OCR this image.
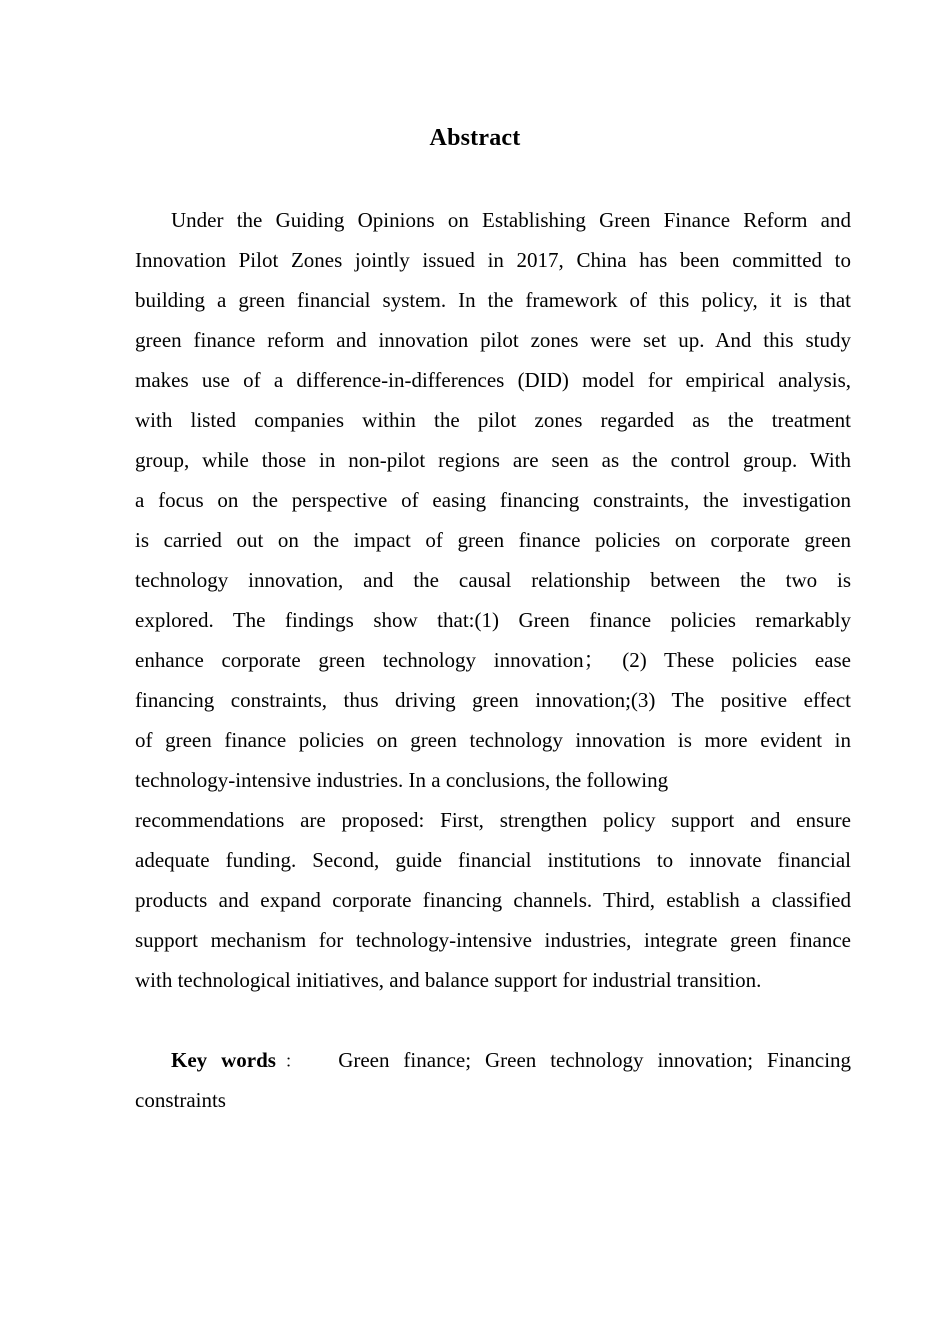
Abstract
Under the Guiding Opinions on Establishing Green Finance Reform and
Innovation Pilot Zones jointly issued in 2017, China has been committed to
building a green financial system. In the framework of this policy, it is that
green finance reform and innovation pilot zones were set up. And this study
makes use of a difference-in-differences (DID) model for empirical analysis,
with listed companies within the pilot zones regarded as the treatment
group, while those in non-pilot regions are seen as the control group. With
a focus on the perspective of easing financing constraints, the investigation
is carried out on the impact of green finance policies on corporate green
technology innovation, and the causal relationship between the two is
explored. The findings show that:(1) Green finance policies remarkably
enhance corporate green technology innovation； (2) These policies ease
financing constraints, thus driving green innovation;(3) The positive effect
of green finance policies on green technology innovation is more evident in
technology-intensive industries. In a conclusions, the following
recommendations are proposed: First, strengthen policy support and ensure
adequate funding. Second, guide financial institutions to innovate financial
products and expand corporate financing channels. Third, establish a classified
support mechanism for technology-intensive industries, integrate green finance
with technological initiatives, and balance support for industrial transition.
Key words： Green finance; Green technology innovation; Financing
constraints
